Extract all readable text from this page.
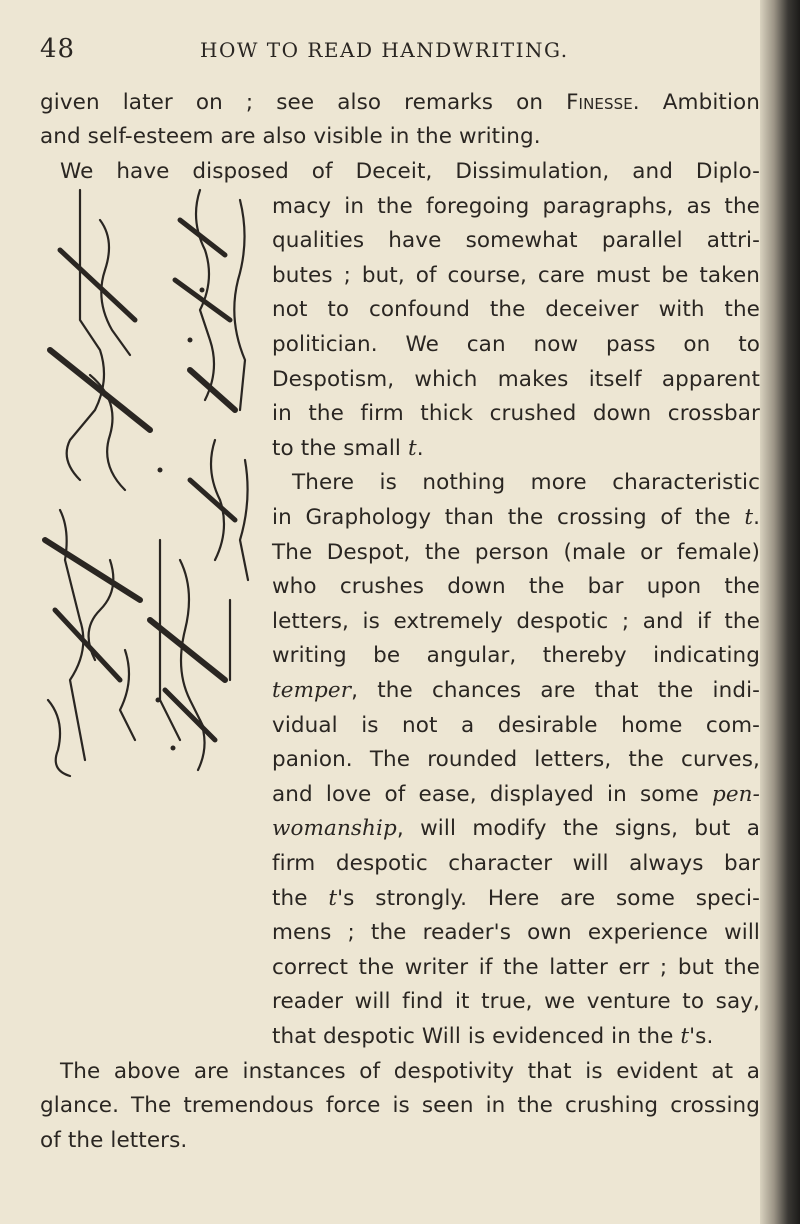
48	HOW TO READ HANDWRITING.
given later on ; see also remarks on Finesse. Ambition
and self-esteem are also visible in the writing.
We have disposed of Deceit, Dissimulation, and Diplo-
macy in the foregoing paragraphs, as the
qualities have somewhat parallel attri-
butes ; but, of course, care must be taken
not to confound the deceiver with the
politician. We can now pass on to
Despotism, which makes itself apparent
in the firm thick crushed down crossbar
to the small t.
There is nothing more characteristic
in Graphology than the crossing of the t.
The Despot, the person (male or female)
who crushes down the bar upon the
letters, is extremely despotic ; and if the
writing be angular, thereby indicating
temper, the chances are that the indi-
vidual is not a desirable home com-
panion. The rounded letters, the curves,
and love of ease, displayed in some pen-
womanship, will modify the signs, but a
firm despotic character will always bar
the t's strongly. Here are some speci-
mens ; the reader's own experience will
correct the writer if the latter err ; but the
reader will find it true, we venture to say,
that despotic Will is evidenced in the t's.
The above are instances of despotivity that is evident at a
glance. The tremendous force is seen in the crushing crossing
of the letters.
